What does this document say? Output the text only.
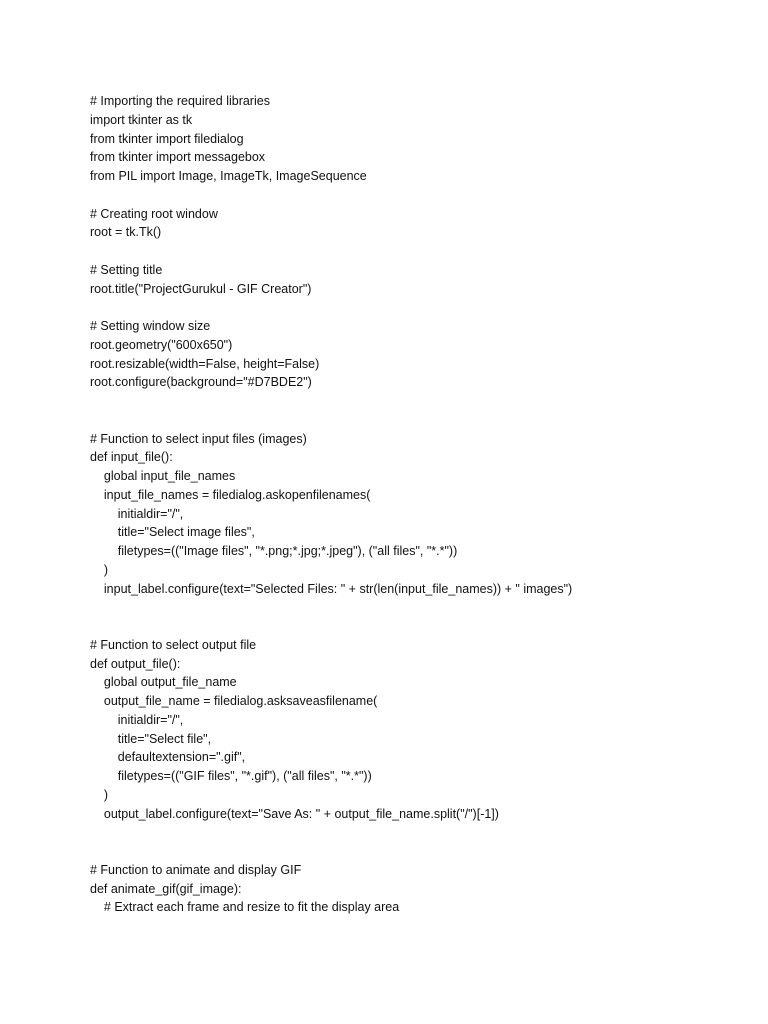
# Importing the required libraries
import tkinter as tk
from tkinter import filedialog
from tkinter import messagebox
from PIL import Image, ImageTk, ImageSequence
# Creating root window
root = tk.Tk()
# Setting title
root.title("ProjectGurukul - GIF Creator")
# Setting window size
root.geometry("600x650")
root.resizable(width=False, height=False)
root.configure(background="#D7BDE2")
# Function to select input files (images)
def input_file():
global input_file_names
input_file_names = filedialog.askopenfilenames(
initialdir="/",
title="Select image files",
filetypes=(("Image files", "*.png;*.jpg;*.jpeg"), ("all files", "*.*"))
)
input_label.configure(text="Selected Files: " + str(len(input_file_names)) + " images")
# Function to select output file
def output_file():
global output_file_name
output_file_name = filedialog.asksaveasfilename(
initialdir="/",
title="Select file",
defaultextension=".gif",
filetypes=(("GIF files", "*.gif"), ("all files", "*.*"))
)
output_label.configure(text="Save As: " + output_file_name.split("/")[-1])
# Function to animate and display GIF
def animate_gif(gif_image):
# Extract each frame and resize to fit the display area
